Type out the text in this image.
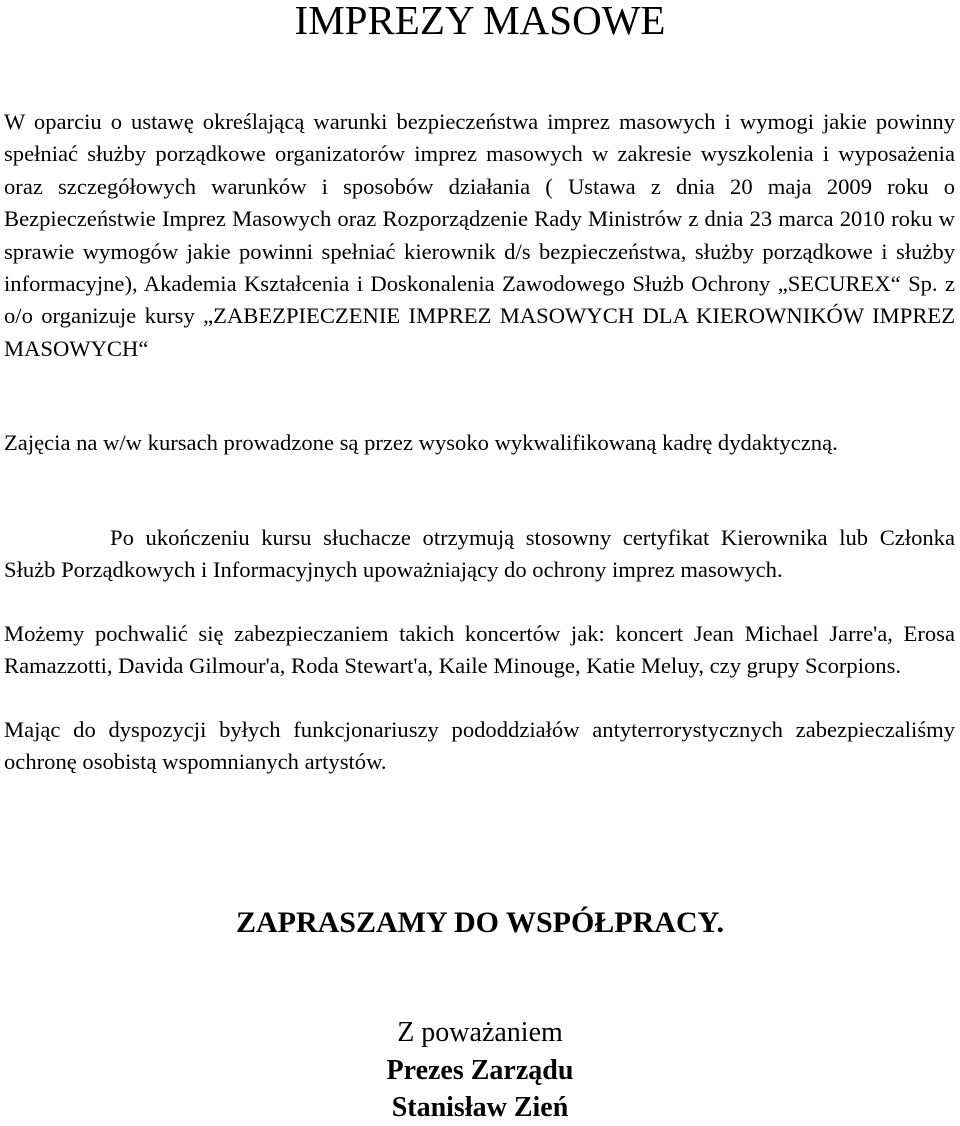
IMPREZY MASOWE

W oparciu o ustawę określającą warunki bezpieczeństwa imprez masowych i wymogi jakie powinny spełniać służby porządkowe organizatorów imprez masowych w zakresie wyszkolenia i wyposażenia oraz szczegółowych warunków i sposobów działania ( Ustawa z dnia 20 maja 2009 roku o Bezpieczeństwie Imprez Masowych oraz Rozporządzenie Rady Ministrów z dnia 23 marca 2010 roku w sprawie wymogów jakie powinni spełniać kierownik d/s bezpieczeństwa, służby porządkowe i służby informacyjne), Akademia Kształcenia i Doskonalenia Zawodowego Służb Ochrony „SECUREX“ Sp. z o/o organizuje kursy „ZABEZPIECZENIE IMPREZ MASOWYCH DLA KIEROWNIKÓW IMPREZ MASOWYCH“

Zajęcia na w/w kursach prowadzone są przez wysoko wykwalifikowaną kadrę dydaktyczną.

Po ukończeniu kursu słuchacze otrzymują stosowny certyfikat Kierownika lub Członka Służb Porządkowych i Informacyjnych upoważniający do ochrony imprez masowych.

Możemy pochwalić się zabezpieczaniem takich koncertów jak: koncert Jean Michael Jarre'a, Erosa Ramazzotti, Davida Gilmour'a, Roda Stewart'a, Kaile Minouge, Katie Meluy, czy grupy Scorpions.

Mając do dyspozycji byłych funkcjonariuszy pododdziałów antyterrorystycznych zabezpieczaliśmy ochronę osobistą wspomnianych artystów.

ZAPRASZAMY DO WSPÓŁPRACY.

Z poważaniem

Prezes Zarządu

Stanisław Zień
